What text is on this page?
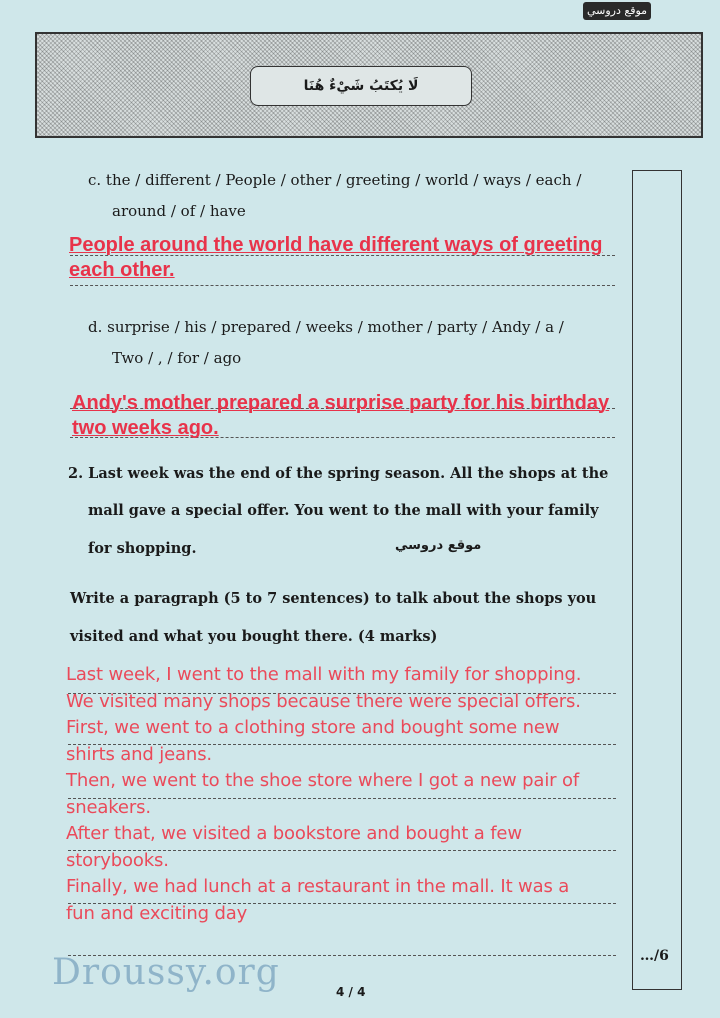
موقع دروسي
لَا يُكتَبُ شَيْءٌ هُنَا
c. the / different / People / other / greeting / world / ways / each /
around / of / have
People around the world have different ways of greeting
each other.
d. surprise / his / prepared / weeks / mother / party / Andy / a /
Two / , / for / ago
Andy's mother prepared a surprise party for his birthday
two weeks ago.
2. Last week was the end of the spring season. All the shops at the
mall gave a special offer. You went to the mall with your family
for shopping.	موقع دروسي
Write a paragraph (5 to 7 sentences) to talk about the shops you
visited and what you bought there. (4 marks)
Last week, I went to the mall with my family for shopping.
We visited many shops because there were special offers.
First, we went to a clothing store and bought some new
shirts and jeans.
Then, we went to the shoe store where I got a new pair of
sneakers.
After that, we visited a bookstore and bought a few
storybooks.
Finally, we had lunch at a restaurant in the mall. It was a
fun and exciting day
…/6
Droussy.org	4 / 4
